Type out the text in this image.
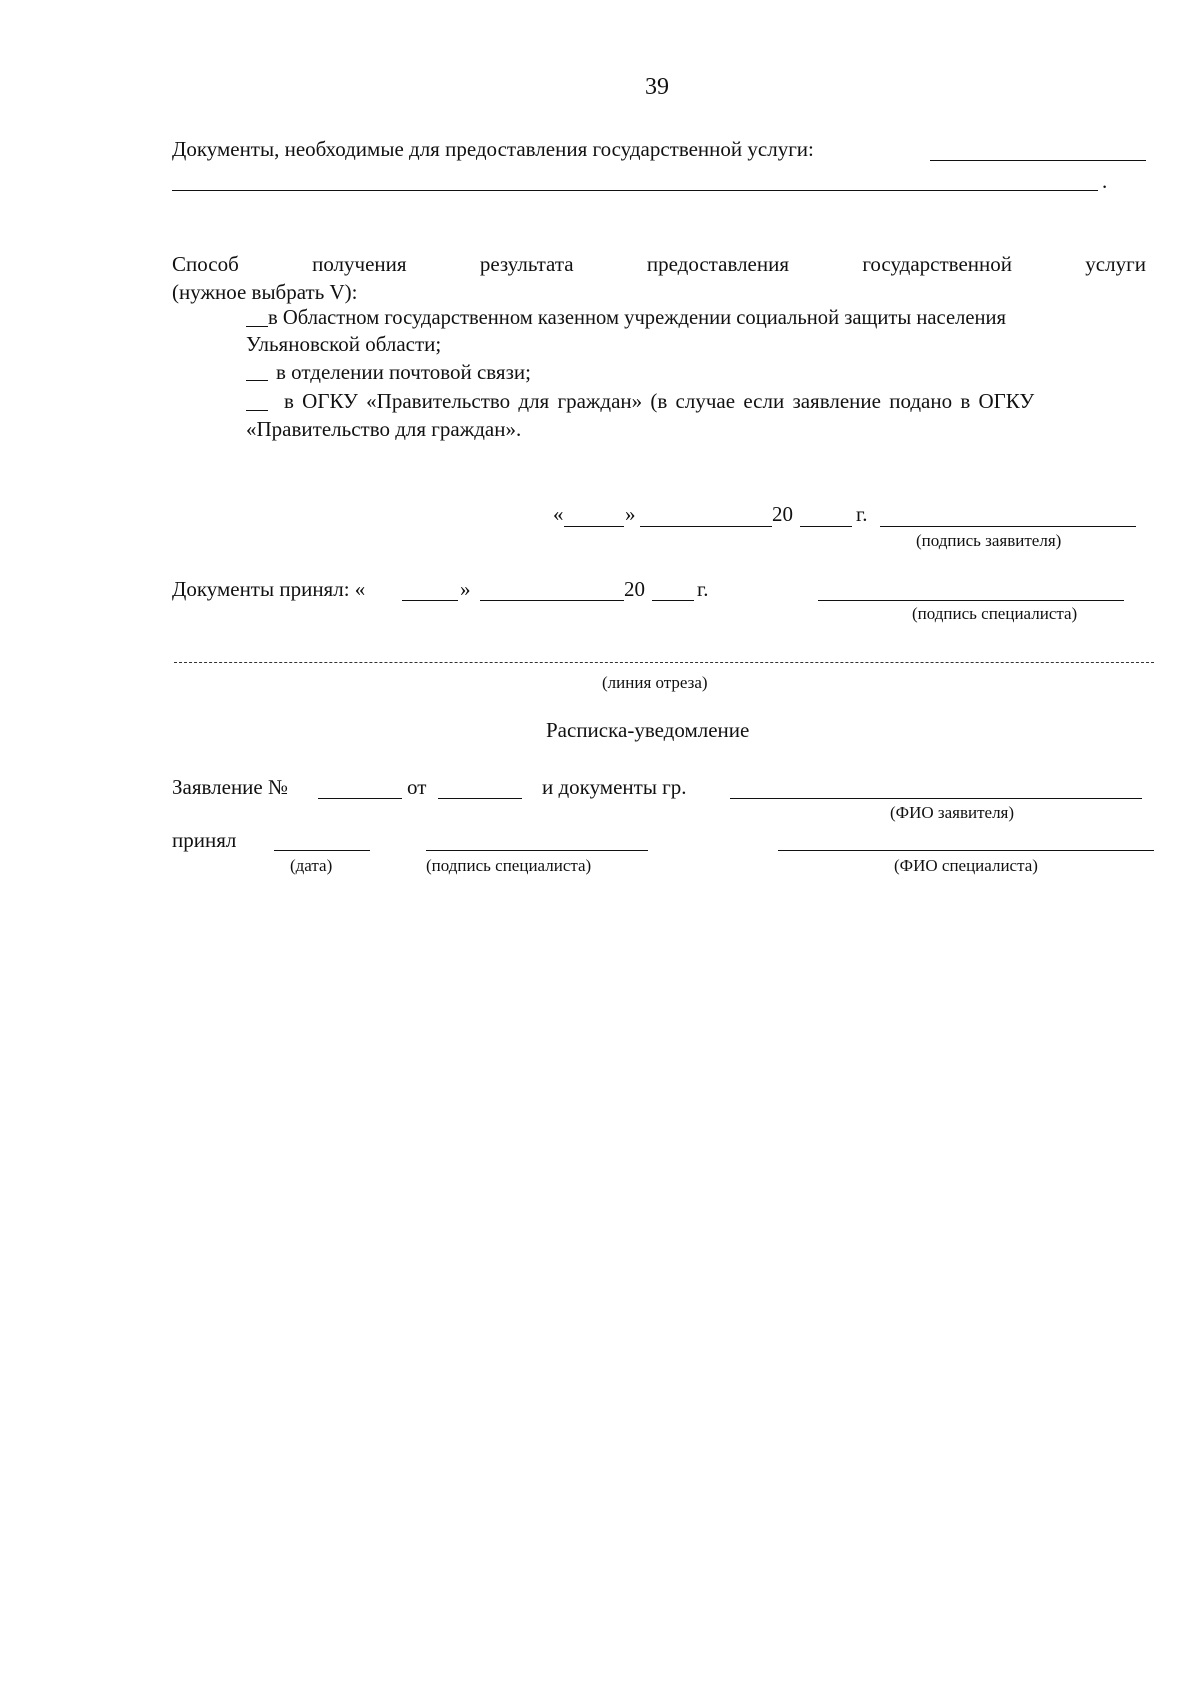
39
Документы, необходимые для предоставления государственной услуги:
.
Способ	получения	результата	предоставления	государственной	услуги
(нужное выбрать V):
в Областном государственном казенном учреждении социальной защиты населения
Ульяновской области;
в отделении почтовой связи;
в ОГКУ «Правительство для граждан» (в случае если заявление подано в ОГКУ
«Правительство для граждан».
«	»	20	г.
(подпись заявителя)
Документы принял: «	»	20 г.
(подпись специалиста)
(линия отреза)
Расписка-уведомление
Заявление №	от	и документы гр.
(ФИО заявителя)
принял
(дата)	(подпись специалиста)	(ФИО специалиста)
